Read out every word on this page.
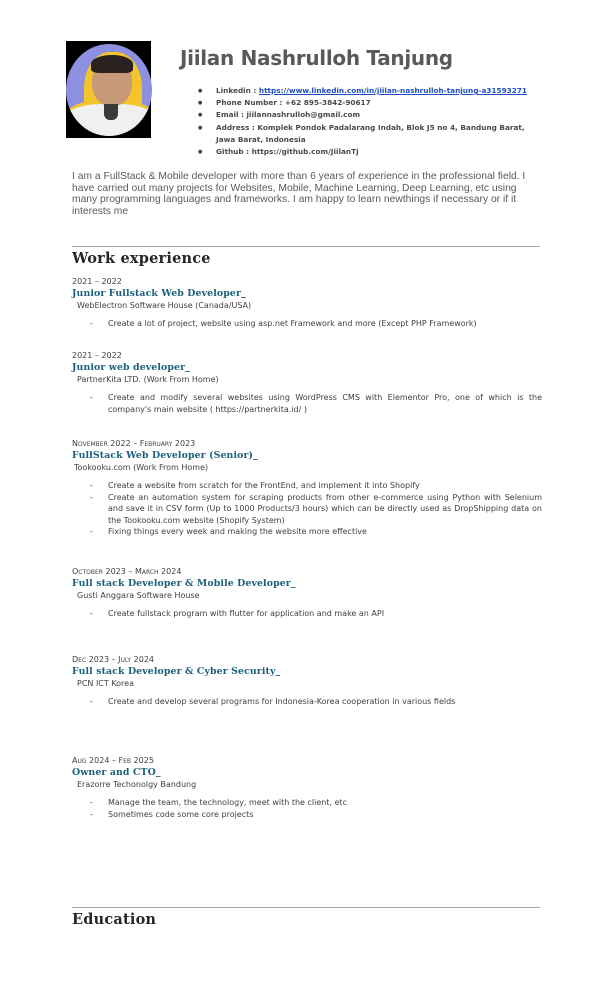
Jiilan Nashrulloh Tanjung
● Linkedin : https://www.linkedin.com/in/jiilan-nashrulloh-tanjung-a31593271
● Phone Number : +62 895-3842-90617
● Email : jiilannashrulloh@gmail.com
● Address : Komplek Pondok Padalarang Indah, Blok J5 no 4, Bandung Barat, Jawa Barat, Indonesia
● Github : https://github.com/JiilanTj
I am a FullStack & Mobile developer with more than 6 years of experience in the professional field. I have carried out many projects for Websites, Mobile, Machine Learning, Deep Learning, etc using many programming languages and frameworks. I am happy to learn newthings if necessary or if it interests me
Work experience
2021 – 2022
Junior Fullstack Web Developer_
WebElectron Software House (Canada/USA)
- Create a lot of project, website using asp.net Framework and more (Except PHP Framework)
2021 – 2022
Junior web developer_
PartnerKita LTD. (Work From Home)
- Create and modify several websites using WordPress CMS with Elementor Pro, one of which is the company's main website ( https://partnerkita.id/ )
November 2022 – February 2023
FullStack Web Developer (Senior)_
Tookooku.com (Work From Home)
- Create a website from scratch for the FrontEnd, and implement it into Shopify
- Create an automation system for scraping products from other e-commerce using Python with Selenium and save it in CSV form (Up to 1000 Products/3 hours) which can be directly used as DropShipping data on the Tookooku.com website (Shopify System)
- Fixing things every week and making the website more effective
October 2023 – March 2024
Full stack Developer & Mobile Developer_
Gusti Anggara Software House
- Create fullstack program with flutter for application and make an API
Dec 2023 – July 2024
Full stack Developer & Cyber Security_
PCN ICT Korea
- Create and develop several programs for Indonesia-Korea cooperation in various fields
Aug 2024 – Feb 2025
Owner and CTO_
Erazorre Techonolgy Bandung
- Manage the team, the technology, meet with the client, etc
- Sometimes code some core projects
Education
